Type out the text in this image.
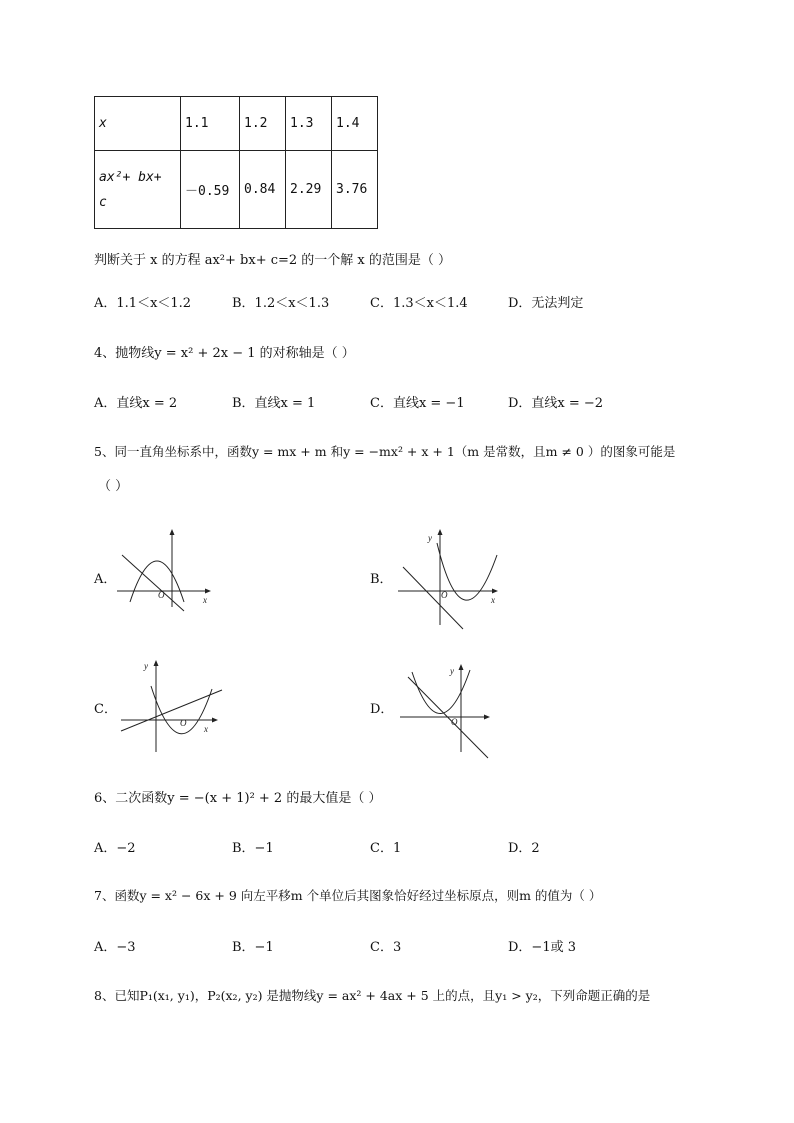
x	1.1	1.2	1.3	1.4

ax²+ bx+
c	－0.59	0.84	2.29	3.76
判断关于 x 的方程 ax²+ bx+ c=2 的一个解 x 的范围是（ ）
A．1.1＜x＜1.2	B．1.2＜x＜1.3	C．1.3＜x＜1.4	D．无法判定
4、抛物线y = x² + 2x − 1 的对称轴是（ ）
A．直线x = 2	B．直线x = 1	C．直线x = −1	D．直线x = −2
5、同一直角坐标系中，函数y = mx + m 和y = −mx² + x + 1（m 是常数，且m ≠ 0 ）的图象可能是
（ ）
A．
O	x
B．
y
O	x
C．
y
O
x
D．
y
O
6、二次函数y = −(x + 1)² + 2 的最大值是（ ）
A．−2	B．−1	C．1	D．2
7、函数y = x² − 6x + 9 向左平移m 个单位后其图象恰好经过坐标原点，则m 的值为（ ）
A．−3	B．−1	C．3	D．−1或 3
8、已知P₁(x₁, y₁)，P₂(x₂, y₂) 是抛物线y = ax² + 4ax + 5 上的点，且y₁ > y₂，下列命题正确的是
